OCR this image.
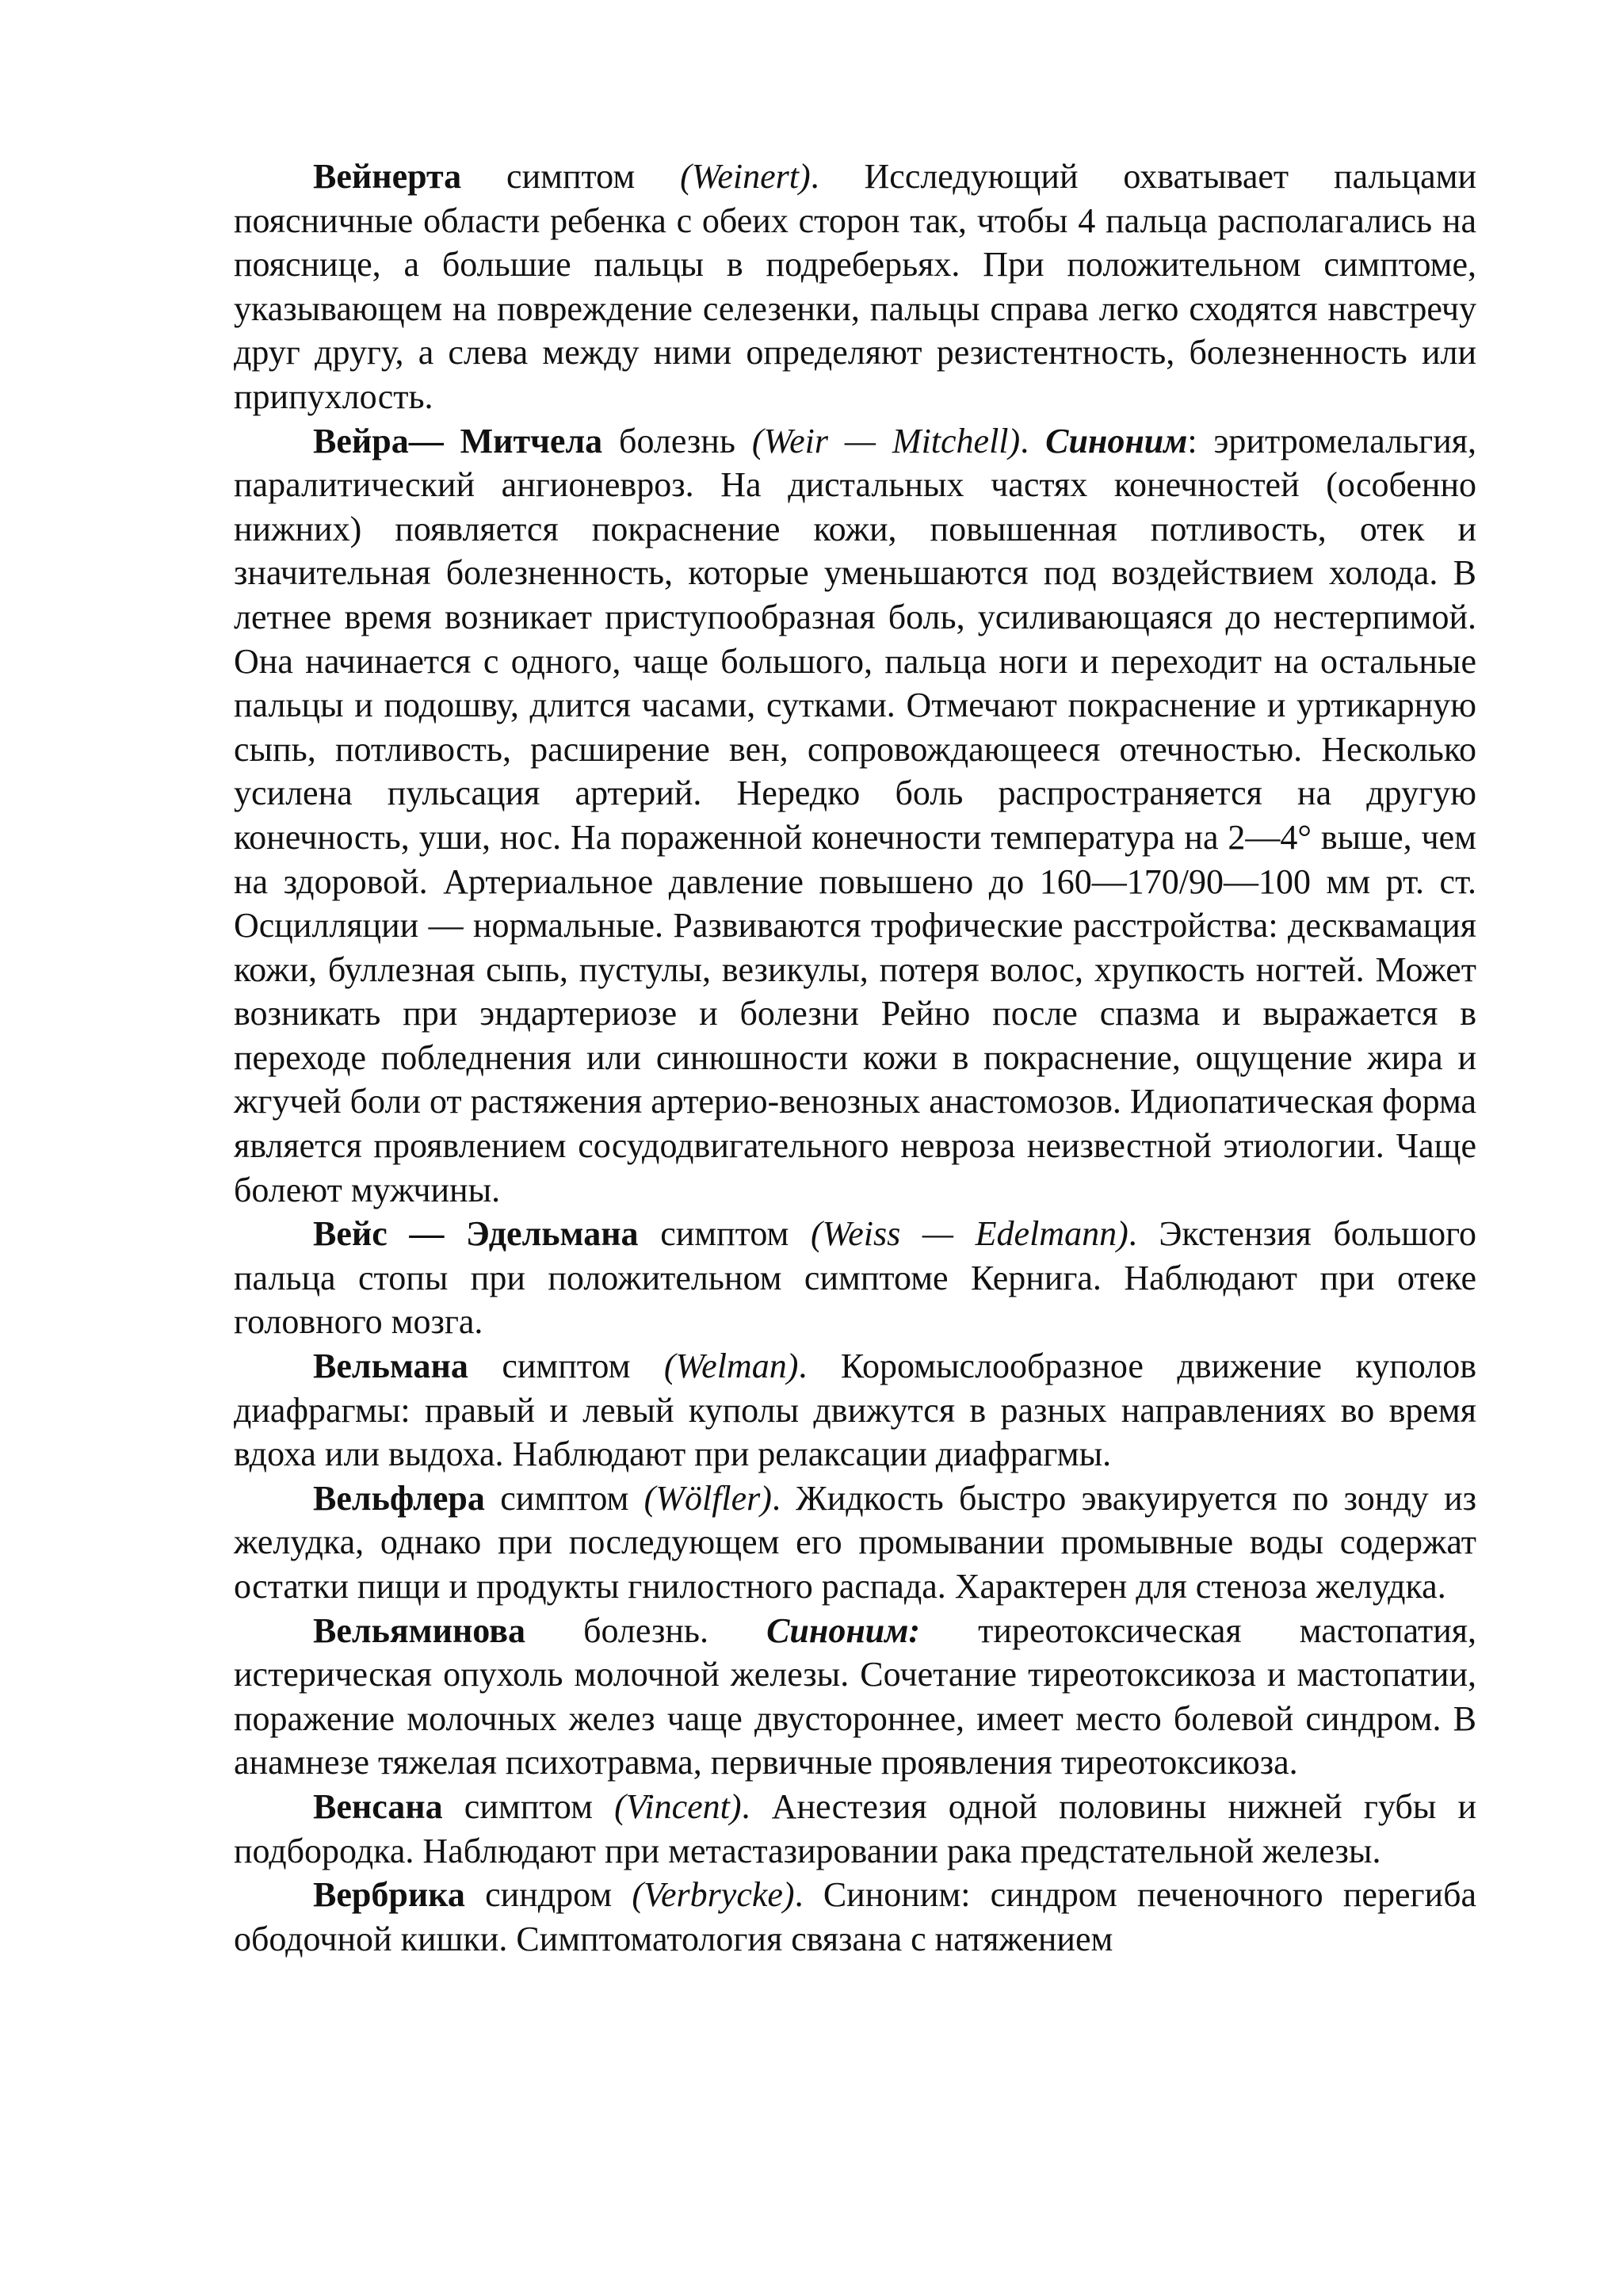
Вейнерта симптом (Weinert). Исследующий охватывает пальцами поясничные области ребенка с обеих сторон так, чтобы 4 пальца располагались на пояснице, а большие пальцы в подреберьях. При положительном симптоме, указывающем на повреждение селезенки, пальцы справа легко сходятся навстречу друг другу, а слева между ними определяют резистентность, болезненность или припухлость.

Вейра— Митчела болезнь (Weir — Mitchell). Синоним: эритромелальгия, паралитический ангионевроз. На дистальных частях конечностей (особенно нижних) появляется покраснение кожи, повышенная потливость, отек и значительная болезненность, которые уменьшаются под воздействием холода. В летнее время возникает приступообразная боль, усиливающаяся до нестерпимой. Она начинается с одного, чаще большого, пальца ноги и переходит на остальные пальцы и подошву, длится часами, сутками. Отмечают покраснение и уртикарную сыпь, потливость, расширение вен, сопровождающееся отечностью. Несколько усилена пульсация артерий. Нередко боль распространяется на другую конечность, уши, нос. На пораженной конечности температура на 2—4° выше, чем на здоровой. Артериальное давление повышено до 160—170/90—100 мм рт. ст. Осцилляции — нормальные. Развиваются трофические расстройства: десквамация кожи, буллезная сыпь, пустулы, везикулы, потеря волос, хрупкость ногтей. Может возникать при эндартериозе и болезни Рейно после спазма и выражается в переходе побледнения или синюшности кожи в покраснение, ощущение жира и жгучей боли от растяжения артерио-венозных анастомозов. Идиопатическая форма является проявлением сосудодвигательного невроза неизвестной этиологии. Чаще болеют мужчины.

Вейс — Эдельмана симптом (Weiss — Edelmann). Экстензия большого пальца стопы при положительном симптоме Кернига. Наблюдают при отеке головного мозга.

Вельмана симптом (Welman). Коромыслообразное движение куполов диафрагмы: правый и левый куполы движутся в разных направлениях во время вдоха или выдоха. Наблюдают при релаксации диафрагмы.

Вельфлера симптом (Wölfler). Жидкость быстро эвакуируется по зонду из желудка, однако при последующем его промывании промывные воды содержат остатки пищи и продукты гнилостного распада. Характерен для стеноза желудка.

Вельяминова болезнь. Синоним: тиреотоксическая мастопатия, истерическая опухоль молочной железы. Сочетание тиреотоксикоза и мастопатии, поражение молочных желез чаще двустороннее, имеет место болевой синдром. В анамнезе тяжелая психотравма, первичные проявления тиреотоксикоза.

Венсана симптом (Vincent). Анестезия одной половины нижней губы и подбородка. Наблюдают при метастазировании рака предстательной железы.

Вербрика синдром (Verbrycke). Синоним: синдром печеночного перегиба ободочной кишки. Симптоматология связана с натяжением
